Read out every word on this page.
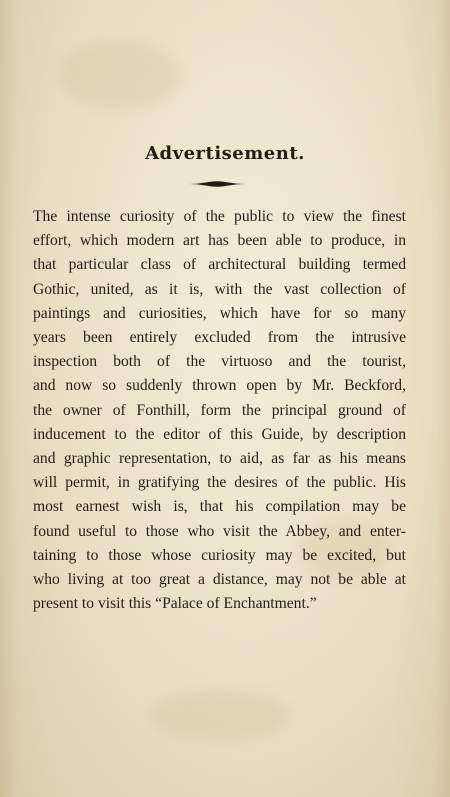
Advertisement.
The intense curiosity of the public to view the finest
effort, which modern art has been able to produce, in
that particular class of architectural building termed
Gothic, united, as it is, with the vast collection of
paintings and curiosities, which have for so many
years been entirely excluded from the intrusive
inspection both of the virtuoso and the tourist,
and now so suddenly thrown open by Mr. Beckford,
the owner of Fonthill, form the principal ground of
inducement to the editor of this Guide, by description
and graphic representation, to aid, as far as his means
will permit, in gratifying the desires of the public. His
most earnest wish is, that his compilation may be
found useful to those who visit the Abbey, and enter-
taining to those whose curiosity may be excited, but
who living at too great a distance, may not be able at
present to visit this “Palace of Enchantment.”
